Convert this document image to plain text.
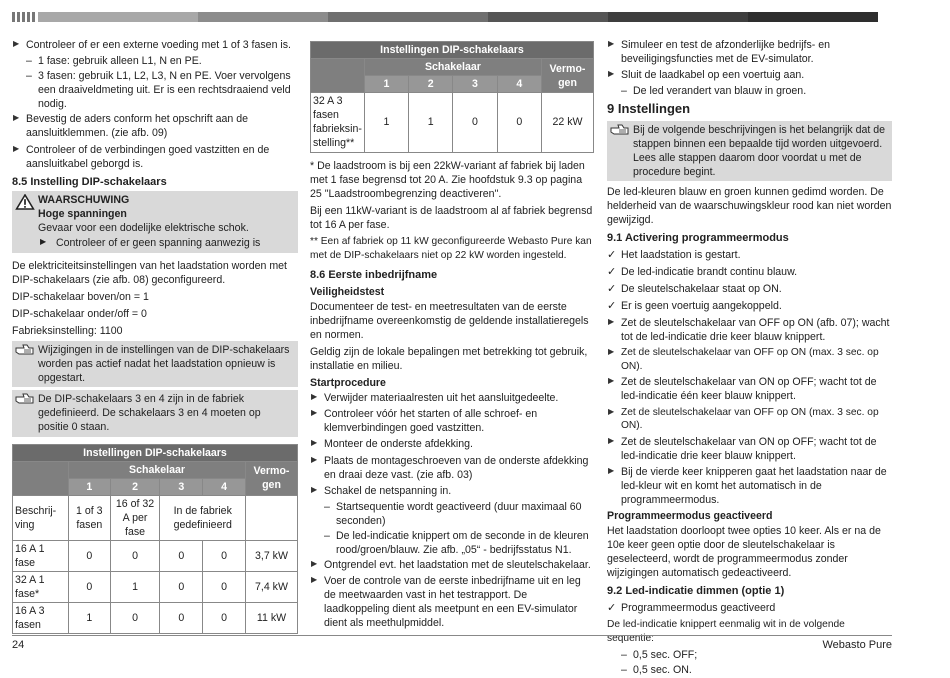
▶ Controleer of er een externe voeding met 1 of 3 fasen is.
– 1 fase: gebruik alleen L1, N en PE.
– 3 fasen: gebruik L1, L2, L3, N en PE. Voer vervolgens een draaiveldmeting uit. Er is een rechtsdraaiend veld nodig.
▶ Bevestig de aders conform het opschrift aan de aansluitklemmen. (zie afb. 09)
▶ Controleer of de verbindingen goed vastzitten en de aansluitkabel geborgd is.
8.5 Instelling DIP-schakelaars
WAARSCHUWING
Hoge spanningen
Gevaar voor een dodelijke elektrische schok.
▶ Controleer of er geen spanning aanwezig is

De elektriciteitsinstellingen van het laadstation worden met DIP-schakelaars (zie afb. 08) geconfigureerd.

DIP-schakelaar boven/on = 1

DIP-schakelaar onder/off = 0

Fabrieksinstelling: 1100

Wijzigingen in de instellingen van de DIP-schakelaars worden pas actief nadat het laadstation opnieuw is opgestart.
De DIP-schakelaars 3 en 4 zijn in de fabriek gedefinieerd. De schakelaars 3 en 4 moeten op positie 0 staan.
Instellingen DIP-schakelaars					
	Schakelaar				Vermo-gen
	1	2	3	4	
Beschrij-ving	1 of 3 fasen	16 of 32 A per fase	In de fabriek gedefinieerd		
16 A 1 fase	0	0	0	0	3,7 kW
32 A 1 fase*	0	1	0	0	7,4 kW
16 A 3 fasen	1	0	0	0	11 kW
Instellingen DIP-schakelaars					
	Schakelaar				Vermo-gen
	1	2	3	4	
32 A 3 fasen fabrieksin-stelling**	1	1	0	0	22 kW

* De laadstroom is bij een 22kW-variant af fabriek bij laden met 1 fase begrensd tot 20 A. Zie hoofdstuk 9.3 op pagina 25 "Laadstroombegrenzing deactiveren".

Bij een 11kW-variant is de laadstroom al af fabriek begrensd tot 16 A per fase.

** Een af fabriek op 11 kW geconfigureerde Webasto Pure kan met de DIP-schakelaars niet op 22 kW worden ingesteld.

8.6 Eerste inbedrijfname
Veiligheidstest

Documenteer de test- en meetresultaten van de eerste inbedrijfname overeenkomstig de geldende installatieregels en normen.

Geldig zijn de lokale bepalingen met betrekking tot gebruik, installatie en milieu.

Startprocedure
▶ Verwijder materiaalresten uit het aansluitgedeelte.
▶ Controleer vóór het starten of alle schroef- en klemverbindingen goed vastzitten.
▶ Monteer de onderste afdekking.
▶ Plaats de montageschroeven van de onderste afdekking en draai deze vast. (zie afb. 03)
▶ Schakel de netspanning in.
– Startsequentie wordt geactiveerd (duur maximaal 60 seconden)
– De led-indicatie knippert om de seconde in de kleuren rood/groen/blauw. Zie afb. „05“ - bedrijfsstatus N1.
▶ Ontgrendel evt. het laadstation met de sleutelschakelaar.
▶ Voer de controle van de eerste inbedrijfname uit en leg de meetwaarden vast in het testrapport. De laadkoppeling dient als meetpunt en een EV-simulator dient als meethulpmiddel.
▶ Simuleer en test de afzonderlijke bedrijfs- en beveiligingsfuncties met de EV-simulator.
▶ Sluit de laadkabel op een voertuig aan.
– De led verandert van blauw in groen.
9 Instellingen
Bij de volgende beschrijvingen is het belangrijk dat de stappen binnen een bepaalde tijd worden uitgevoerd. Lees alle stappen daarom door voordat u met de procedure begint.

De led-kleuren blauw en groen kunnen gedimd worden. De helderheid van de waarschuwingskleur rood kan niet worden gewijzigd.

9.1 Activering programmeermodus
✓ Het laadstation is gestart.
✓ De led-indicatie brandt continu blauw.
✓ De sleutelschakelaar staat op ON.
✓ Er is geen voertuig aangekoppeld.
▶ Zet de sleutelschakelaar van OFF op ON (afb. 07); wacht tot de led-indicatie drie keer blauw knippert.
▶ Zet de sleutelschakelaar van OFF op ON (max. 3 sec. op ON).
▶ Zet de sleutelschakelaar van ON op OFF; wacht tot de led-indicatie één keer blauw knippert.
▶ Zet de sleutelschakelaar van OFF op ON (max. 3 sec. op ON).
▶ Zet de sleutelschakelaar van ON op OFF; wacht tot de led-indicatie drie keer blauw knippert.
▶ Bij de vierde keer knipperen gaat het laadstation naar de led-kleur wit en komt het automatisch in de programmeermodus.
Programmeermodus geactiveerd

Het laadstation doorloopt twee opties 10 keer. Als er na de 10e keer geen optie door de sleutelschakelaar is geselecteerd, wordt de programmeermodus zonder wijzigingen automatisch gedeactiveerd.

9.2 Led-indicatie dimmen (optie 1)
✓ Programmeermodus geactiveerd

De led-indicatie knippert eenmalig wit in de volgende sequentie:

– 0,5 sec. OFF;
– 0,5 sec. ON.
24	Webasto Pure
